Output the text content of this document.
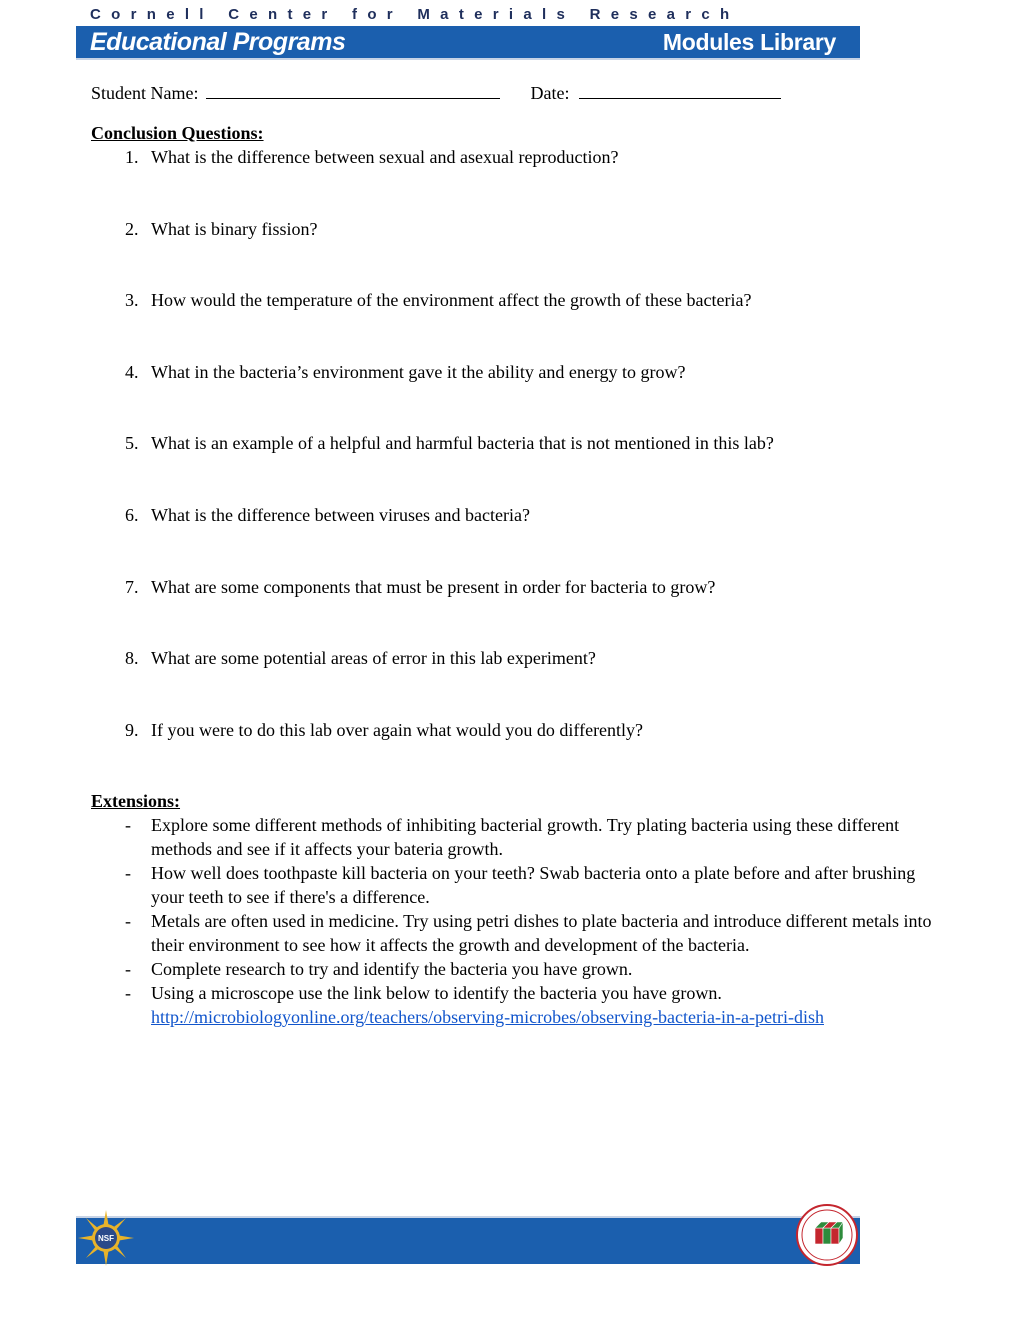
Cornell Center for Materials Research
Educational Programs	Modules Library
Student Name:	Date:
Conclusion Questions:
1. What is the difference between sexual and asexual reproduction?
2. What is binary fission?
3. How would the temperature of the environment affect the growth of these bacteria?
4. What in the bacteria’s environment gave it the ability and energy to grow?
5. What is an example of a helpful and harmful bacteria that is not mentioned in this lab?
6. What is the difference between viruses and bacteria?
7. What are some components that must be present in order for bacteria to grow?
8. What are some potential areas of error in this lab experiment?
9. If you were to do this lab over again what would you do differently?
Extensions:
-	Explore some different methods of inhibiting bacterial growth. Try plating bacteria using these different methods and see if it affects your bateria growth.
-	How well does toothpaste kill bacteria on your teeth? Swab bacteria onto a plate before and after brushing your teeth to see if there's a difference.
-	Metals are often used in medicine. Try using petri dishes to plate bacteria and introduce different metals into their environment to see how it affects the growth and development of the bacteria.
-	Complete research to try and identify the bacteria you have grown.
-	Using a microscope use the link below to identify the bacteria you have grown.
http://microbiologyonline.org/teachers/observing-microbes/observing-bacteria-in-a-petri-dish
NSF
